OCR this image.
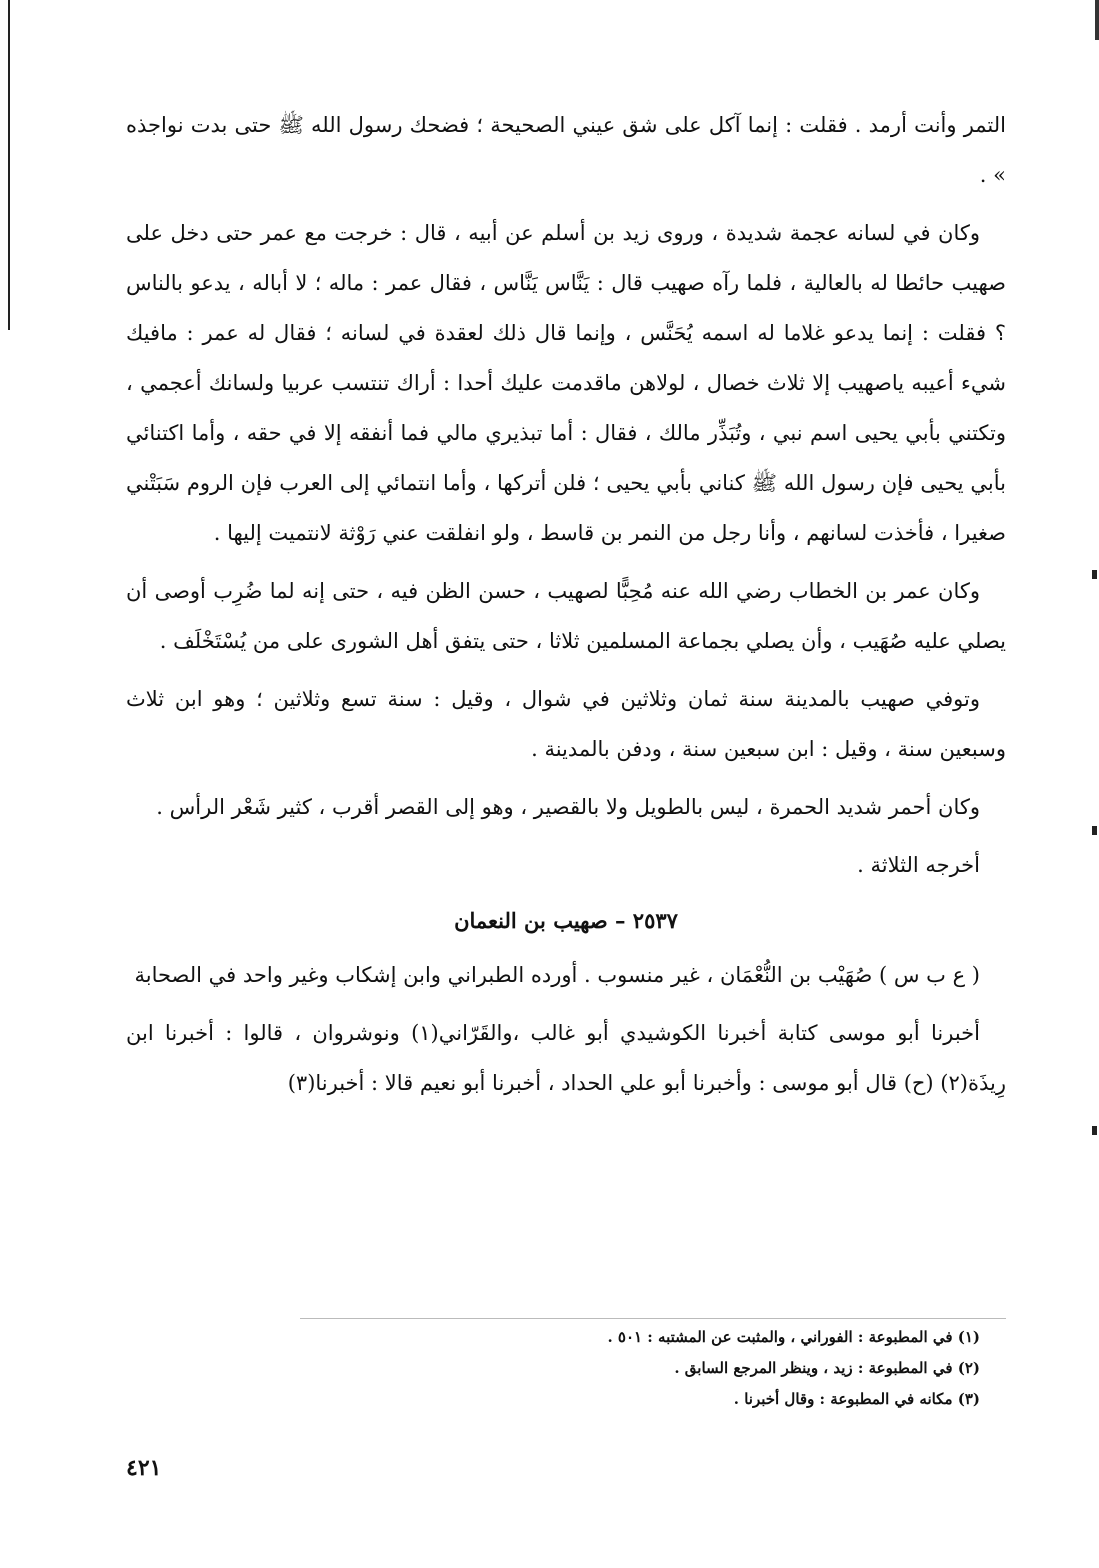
التمر وأنت أرمد . فقلت : إنما آكل على شق عيني الصحيحة ؛ فضحك رسول الله ﷺ حتى بدت نواجذه » .

وكان في لسانه عجمة شديدة ، وروى زيد بن أسلم عن أبيه ، قال : خرجت مع عمر حتى دخل على صهيب حائطا له بالعالية ، فلما رآه صهيب قال : يَنَّاس يَنَّاس ، فقال عمر : ماله ؛ لا أباله ، يدعو بالناس ؟ فقلت : إنما يدعو غلاما له اسمه يُحَنَّس ، وإنما قال ذلك لعقدة في لسانه ؛ فقال له عمر : مافيك شيء أعيبه ياصهيب إلا ثلاث خصال ، لولاهن ماقدمت عليك أحدا : أراك تنتسب عربيا ولسانك أعجمي ، وتكتني بأبي يحيى اسم نبي ، وتُبَذِّر مالك ، فقال : أما تبذيري مالي فما أنفقه إلا في حقه ، وأما اكتنائي بأبي يحيى فإن رسول الله ﷺ كناني بأبي يحيى ؛ فلن أتركها ، وأما انتمائي إلى العرب فإن الروم سَبَتْني صغيرا ، فأخذت لسانهم ، وأنا رجل من النمر بن قاسط ، ولو انفلقت عني رَوْثة لانتميت إليها .

وكان عمر بن الخطاب رضي الله عنه مُحِبًّا لصهيب ، حسن الظن فيه ، حتى إنه لما ضُرِب أوصى أن يصلي عليه صُهَيب ، وأن يصلي بجماعة المسلمين ثلاثا ، حتى يتفق أهل الشورى على من يُسْتَخْلَف .

وتوفي صهيب بالمدينة سنة ثمان وثلاثين في شوال ، وقيل : سنة تسع وثلاثين ؛ وهو ابن ثلاث وسبعين سنة ، وقيل : ابن سبعين سنة ، ودفن بالمدينة .

وكان أحمر شديد الحمرة ، ليس بالطويل ولا بالقصير ، وهو إلى القصر أقرب ، كثير شَعْر الرأس .

أخرجه الثلاثة .

٢٥٣٧ – صهيب بن النعمان

( ع ب س ) صُهَيْب بن النُّعْمَان ، غير منسوب . أورده الطبراني وابن إشكاب وغير واحد في الصحابة

أخبرنا أبو موسى كتابة أخبرنا الكوشيدي أبو غالب ،والقَرّاني(١) ونوشروان ، قالوا : أخبرنا ابن رِيذَة(٢) (ح) قال أبو موسى : وأخبرنا أبو علي الحداد ، أخبرنا أبو نعيم قالا : أخبرنا(٣)

(١) في المطبوعة : الفوراني ، والمثبت عن المشتبه : ٥٠١ .
(٢) في المطبوعة : زيد ، وينظر المرجع السابق .
(٣) مكانه في المطبوعة : وقال أخبرنا .
٤٢١
